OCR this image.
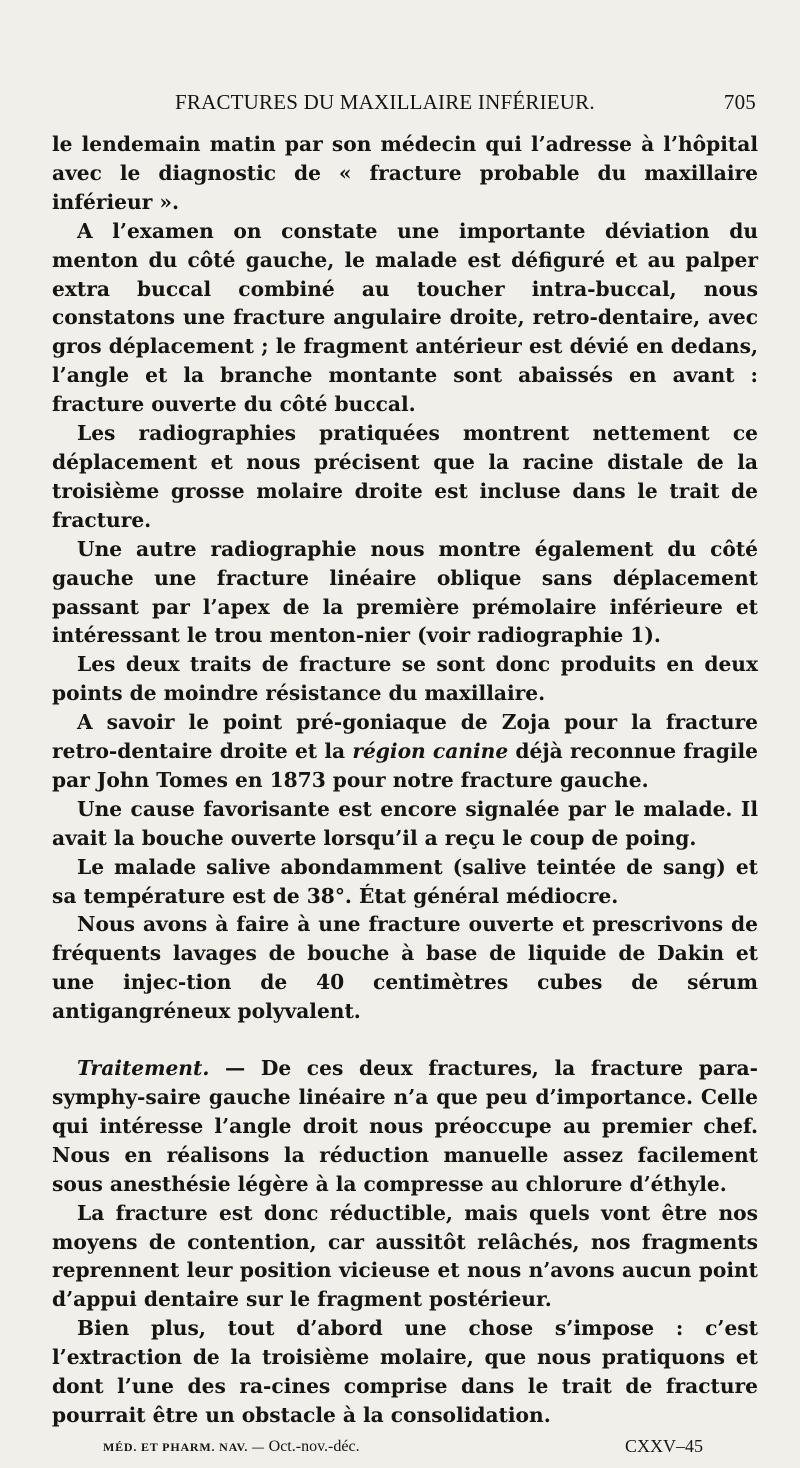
FRACTURES DU MAXILLAIRE INFÉRIEUR.	705

le lendemain matin par son médecin qui l’adresse à l’hôpital avec le diagnostic de « fracture probable du maxillaire inférieur ».

A l’examen on constate une importante déviation du menton du côté gauche, le malade est défiguré et au palper extra buccal combiné au toucher intra-buccal, nous constatons une fracture angulaire droite, retro-dentaire, avec gros déplacement ; le fragment antérieur est dévié en dedans, l’angle et la branche montante sont abaissés en avant : fracture ouverte du côté buccal.

Les radiographies pratiquées montrent nettement ce déplacement et nous précisent que la racine distale de la troisième grosse molaire droite est incluse dans le trait de fracture.

Une autre radiographie nous montre également du côté gauche une fracture linéaire oblique sans déplacement passant par l’apex de la première prémolaire inférieure et intéressant le trou menton-nier (voir radiographie 1).

Les deux traits de fracture se sont donc produits en deux points de moindre résistance du maxillaire.

A savoir le point pré-goniaque de Zoja pour la fracture retro-dentaire droite et la région canine déjà reconnue fragile par John Tomes en 1873 pour notre fracture gauche.

Une cause favorisante est encore signalée par le malade. Il avait la bouche ouverte lorsqu’il a reçu le coup de poing.

Le malade salive abondamment (salive teintée de sang) et sa température est de 38°. État général médiocre.

Nous avons à faire à une fracture ouverte et prescrivons de fréquents lavages de bouche à base de liquide de Dakin et une injec-tion de 40 centimètres cubes de sérum antigangréneux polyvalent.

Traitement. — De ces deux fractures, la fracture para-symphy-saire gauche linéaire n’a que peu d’importance. Celle qui intéresse l’angle droit nous préoccupe au premier chef. Nous en réalisons la réduction manuelle assez facilement sous anesthésie légère à la compresse au chlorure d’éthyle.

La fracture est donc réductible, mais quels vont être nos moyens de contention, car aussitôt relâchés, nos fragments reprennent leur position vicieuse et nous n’avons aucun point d’appui dentaire sur le fragment postérieur.

Bien plus, tout d’abord une chose s’impose : c’est l’extraction de la troisième molaire, que nous pratiquons et dont l’une des ra-cines comprise dans le trait de fracture pourrait être un obstacle à la consolidation.

MÉD. ET PHARM. NAV. — Oct.-nov.-déc.	CXXV–45
